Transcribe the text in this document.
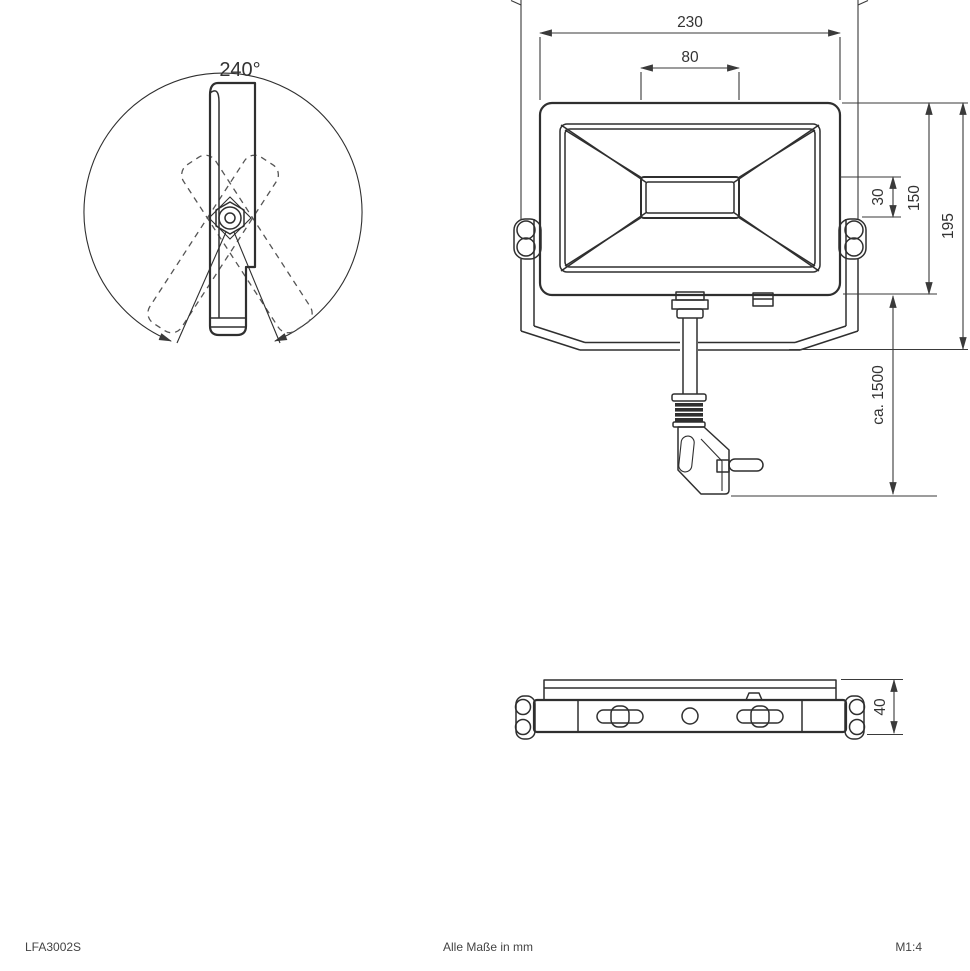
240°
230
80
30 150
195
ca. 1500
40
LFA3002S	Alle Maße in mm	M1:4
